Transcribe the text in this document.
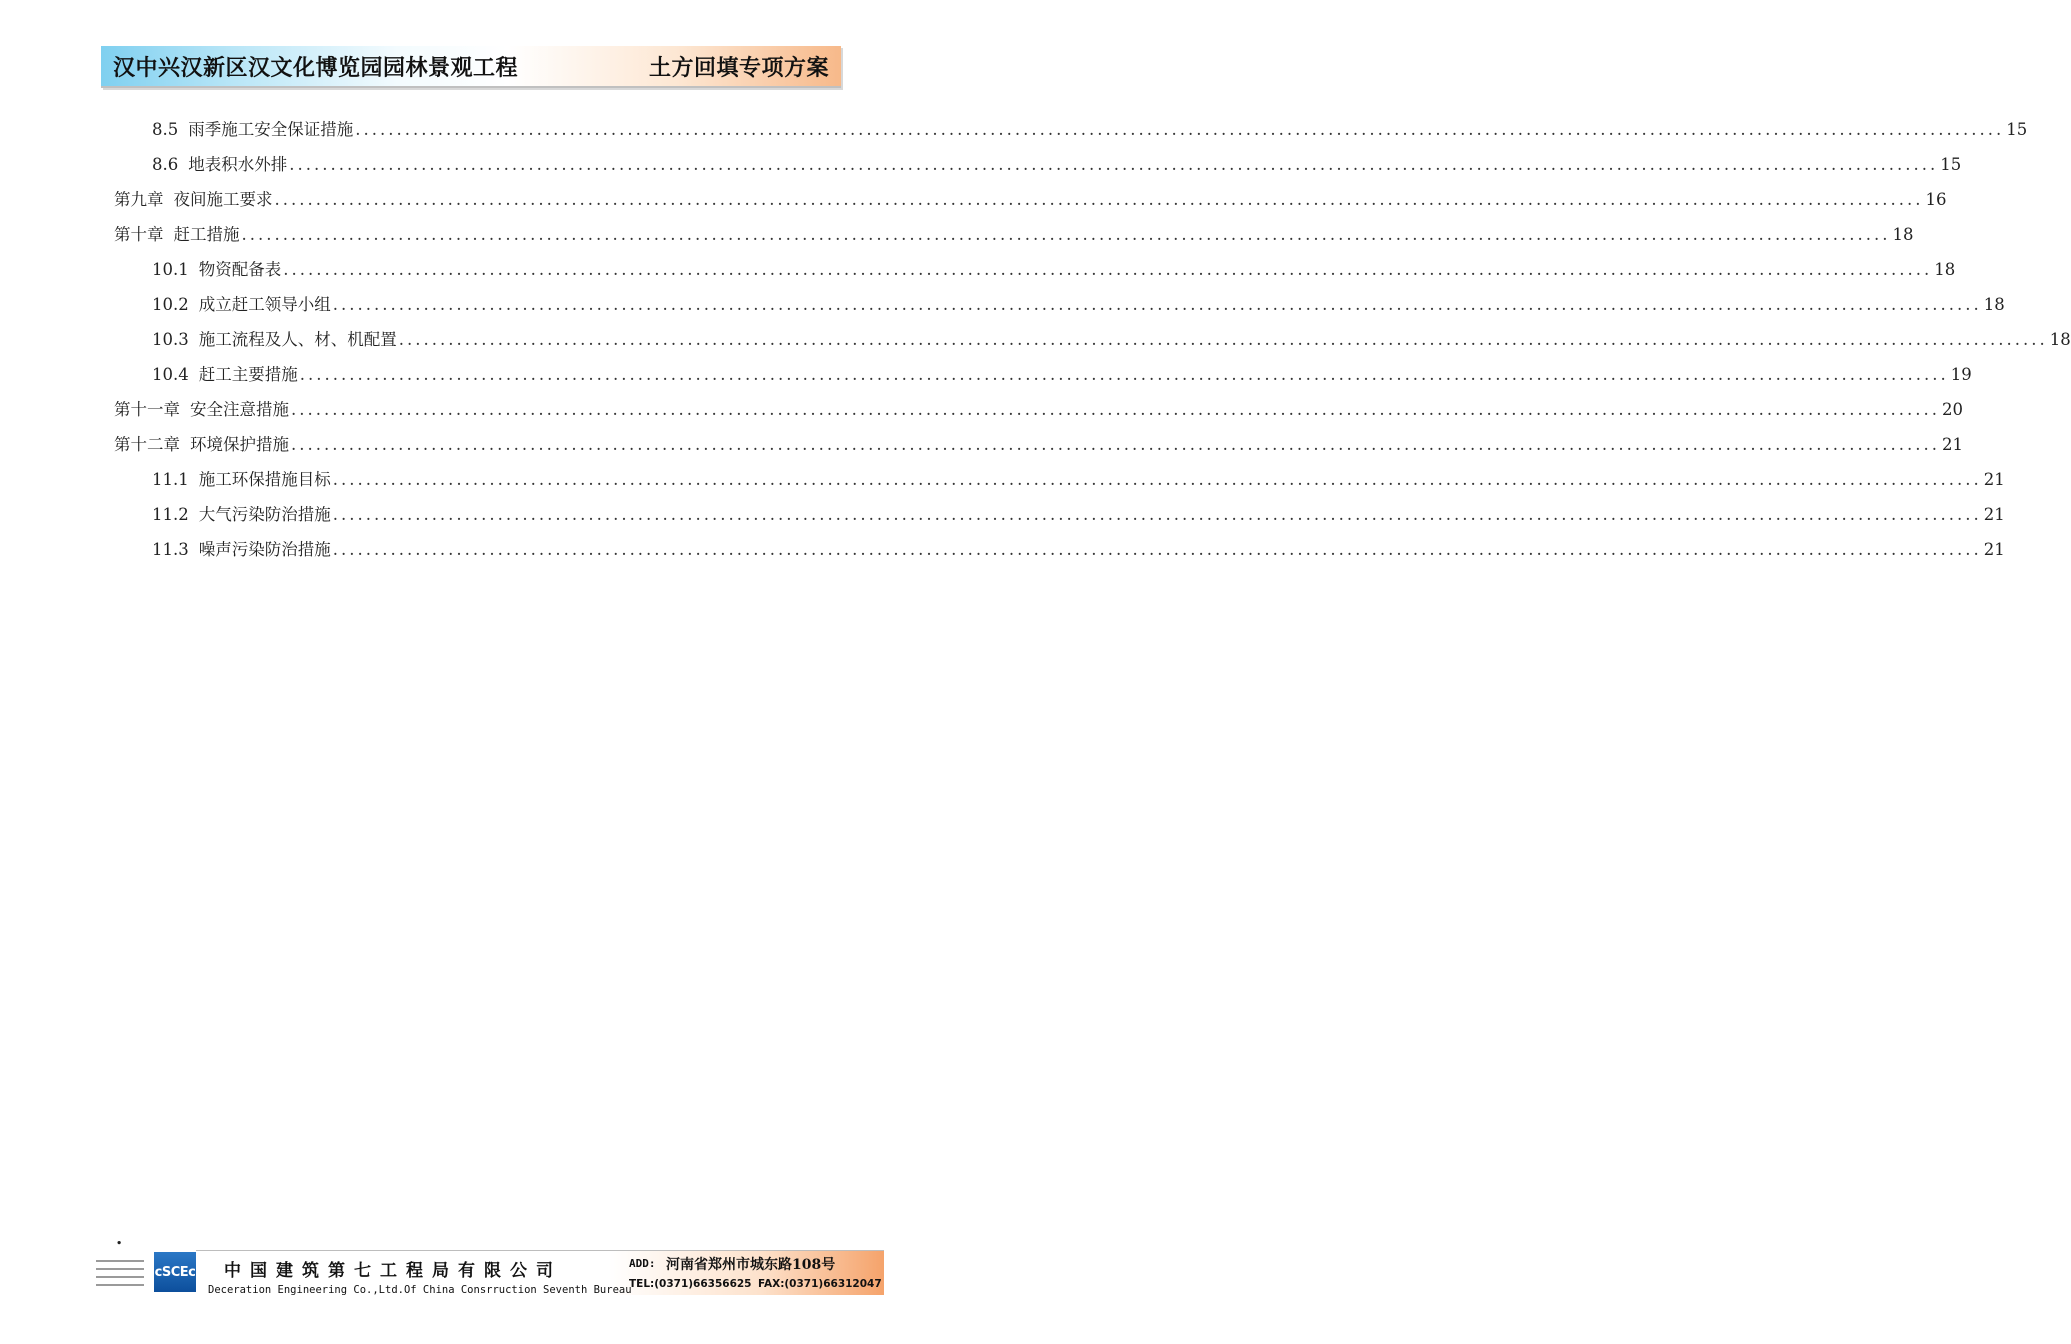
汉中兴汉新区汉文化博览园园林景观工程	土方回填专项方案
8.5 雨季施工安全保证措施 ........................................................................................................................................................................................................ 15
8.6 地表积水外排 ........................................................................................................................................................................................................ 15
第九章 夜间施工要求 ........................................................................................................................................................................................................ 16
第十章 赶工措施 ........................................................................................................................................................................................................ 18
10.1 物资配备表 ........................................................................................................................................................................................................ 18
10.2 成立赶工领导小组 ........................................................................................................................................................................................................ 18
10.3 施工流程及人、材、机配置 ........................................................................................................................................................................................................ 18
10.4 赶工主要措施 ........................................................................................................................................................................................................ 19
第十一章 安全注意措施 ........................................................................................................................................................................................................ 20
第十二章 环境保护措施 ........................................................................................................................................................................................................ 21
11.1 施工环保措施目标 ........................................................................................................................................................................................................ 21
11.2 大气污染防治措施 ........................................................................................................................................................................................................ 21
11.3 噪声污染防治措施 ........................................................................................................................................................................................................ 21
.
cSCEc 中国建筑第七工程局有限公司
Deceration Engineering Co.,Ltd.Of China Consrruction Seventh Bureau
ADD: 河南省郑州市城东路108号
TEL:(0371)66356625 FAX:(0371)66312047
